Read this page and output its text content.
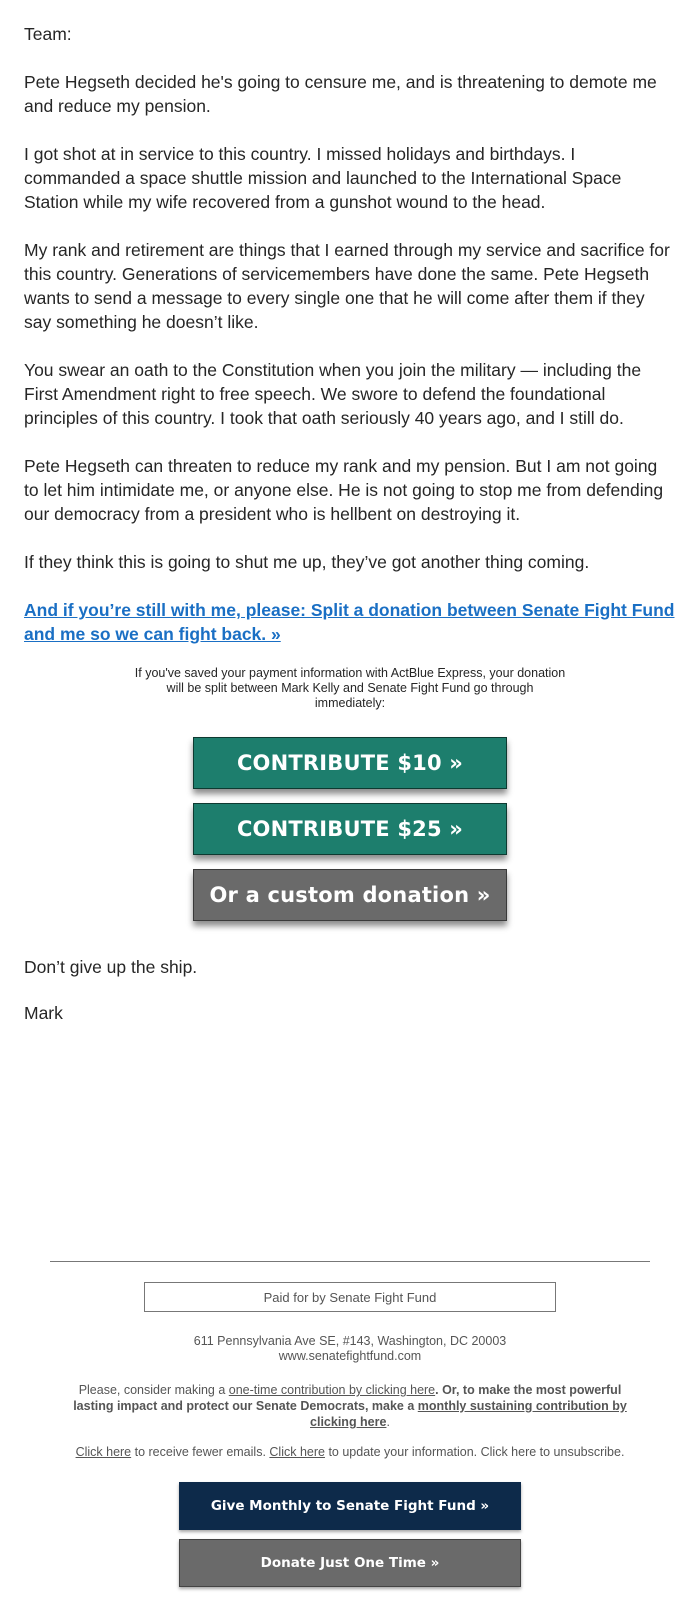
Team:

Pete Hegseth decided he's going to censure me, and is threatening to demote me and reduce my pension.

I got shot at in service to this country. I missed holidays and birthdays. I commanded a space shuttle mission and launched to the International Space Station while my wife recovered from a gunshot wound to the head.

My rank and retirement are things that I earned through my service and sacrifice for this country. Generations of servicemembers have done the same. Pete Hegseth wants to send a message to every single one that he will come after them if they say something he doesn’t like.

You swear an oath to the Constitution when you join the military — including the First Amendment right to free speech. We swore to defend the foundational principles of this country. I took that oath seriously 40 years ago, and I still do.

Pete Hegseth can threaten to reduce my rank and my pension. But I am not going to let him intimidate me, or anyone else. He is not going to stop me from defending our democracy from a president who is hellbent on destroying it.

If they think this is going to shut me up, they’ve got another thing coming.

And if you’re still with me, please: Split a donation between Senate Fight Fund and me so we can fight back. »
If you've saved your payment information with ActBlue Express, your donation will be split between Mark Kelly and Senate Fight Fund go through immediately:
CONTRIBUTE $10 »
CONTRIBUTE $25 »
Or a custom donation »

Don’t give up the ship.

Mark

Paid for by Senate Fight Fund
611 Pennsylvania Ave SE, #143, Washington, DC 20003
www.senatefightfund.com
Please, consider making a one-time contribution by clicking here. Or, to make the most powerful lasting impact and protect our Senate Democrats, make a monthly sustaining contribution by clicking here.
Click here to receive fewer emails. Click here to update your information. Click here to unsubscribe.
Give Monthly to Senate Fight Fund »
Donate Just One Time »
